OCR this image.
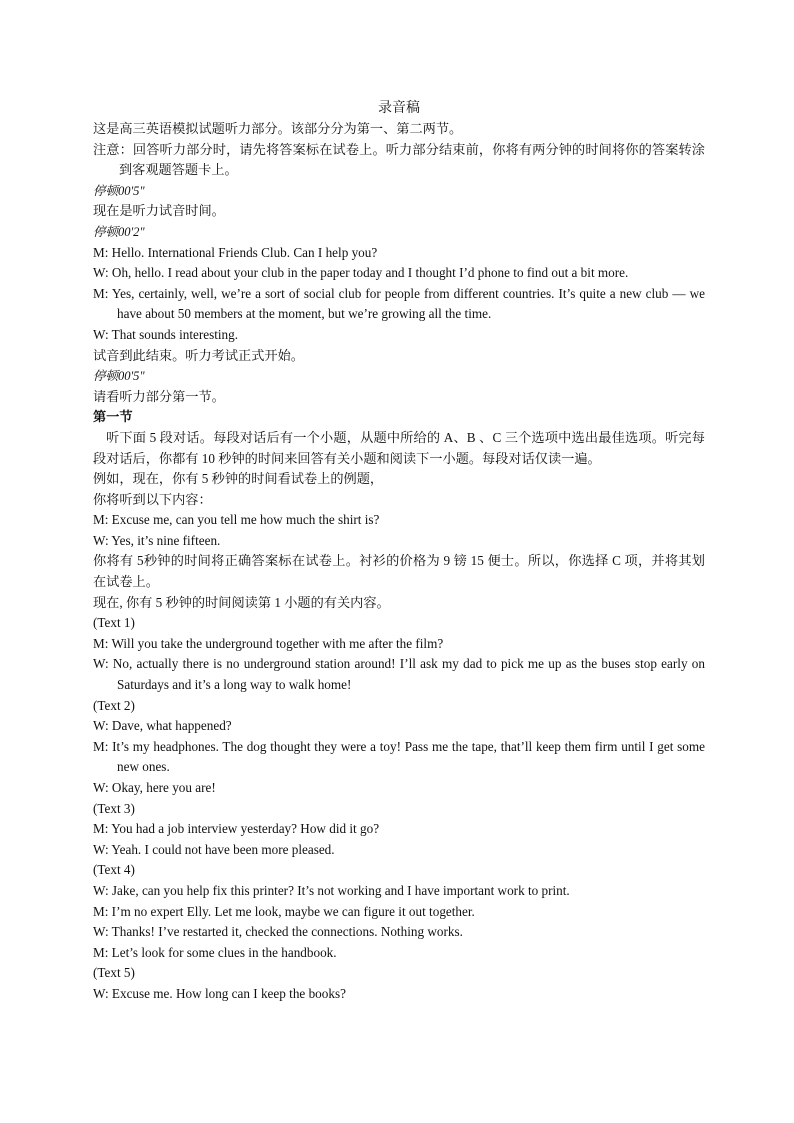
录音稿
这是高三英语模拟试题听力部分。该部分分为第一、第二两节。
注意：回答听力部分时，请先将答案标在试卷上。听力部分结束前，你将有两分钟的时间将你的答案转涂到客观题答题卡上。
停顿00'5"
现在是听力试音时间。
停顿00'2"
M: Hello. International Friends Club. Can I help you?
W: Oh, hello. I read about your club in the paper today and I thought I’d phone to find out a bit more.
M: Yes, certainly, well, we’re a sort of social club for people from different countries. It’s quite a new club — we have about 50 members at the moment, but we’re growing all the time.
W: That sounds interesting.
试音到此结束。听力考试正式开始。
停顿00'5"
请看听力部分第一节。
第一节
听下面 5 段对话。每段对话后有一个小题，从题中所给的 A、B 、C 三个选项中选出最佳选项。听完每段对话后，你都有 10 秒钟的时间来回答有关小题和阅读下一小题。每段对话仅读一遍。
例如，现在，你有 5 秒钟的时间看试卷上的例题，
你将听到以下内容：
M: Excuse me, can you tell me how much the shirt is?
W: Yes, it’s nine fifteen.
你将有 5秒钟的时间将正确答案标在试卷上。衬衫的价格为 9 镑 15 便士。所以，你选择 C 项，并将其划在试卷上。
现在, 你有 5 秒钟的时间阅读第 1 小题的有关内容。
(Text 1)
M: Will you take the underground together with me after the film?
W: No, actually there is no underground station around! I’ll ask my dad to pick me up as the buses stop early on Saturdays and it’s a long way to walk home!
(Text 2)
W: Dave, what happened?
M: It’s my headphones. The dog thought they were a toy! Pass me the tape, that’ll keep them firm until I get some new ones.
W: Okay, here you are!
(Text 3)
M: You had a job interview yesterday? How did it go?
W: Yeah. I could not have been more pleased.
(Text 4)
W: Jake, can you help fix this printer? It’s not working and I have important work to print.
M: I’m no expert Elly. Let me look, maybe we can figure it out together.
W: Thanks! I’ve restarted it, checked the connections. Nothing works.
M: Let’s look for some clues in the handbook.
(Text 5)
W: Excuse me. How long can I keep the books?
